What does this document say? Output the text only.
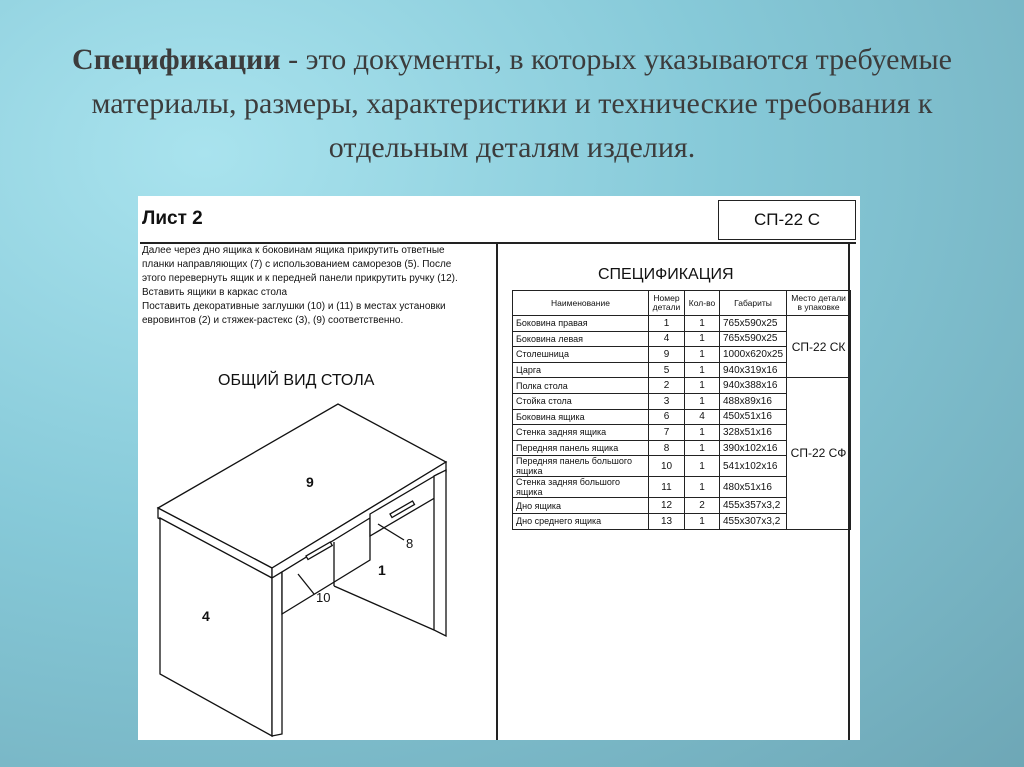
Спецификации - это документы, в которых указываются требуемые материалы, размеры, характеристики и технические требования к отдельным деталям изделия.
Лист 2	СП-22 С
Далее через дно ящика к боковинам ящика прикрутить ответные
планки направляющих (7) с использованием саморезов (5). После
этого перевернуть ящик и к передней панели прикрутить ручку (12).
Вставить ящики в каркас стола
Поставить декоративные заглушки (10) и (11) в местах установки
евровинтов (2) и стяжек-растекс (3), (9) соответственно.
ОБЩИЙ ВИД СТОЛА
9
4
1
8
10
СПЕЦИФИКАЦИЯ
Наименование	Номер детали	Кол-во	Габариты	Место детали в упаковке
Боковина правая	1	1	765x590x25	СП-22 СК
Боковина левая	4	1	765x590x25	
Столешница	9	1	1000x620x25	
Царга	5	1	940x319x16	
Полка стола	2	1	940x388x16	СП-22 СФ
Стойка стола	3	1	488x89x16	
Боковина ящика	6	4	450x51x16	
Стенка задняя ящика	7	1	328x51x16	
Передняя панель ящика	8	1	390x102x16	
Передняя панель большого ящика	10	1	541x102x16	
Стенка задняя большого ящика	11	1	480x51x16	
Дно ящика	12	2	455x357x3,2	
Дно среднего ящика	13	1	455x307x3,2	
